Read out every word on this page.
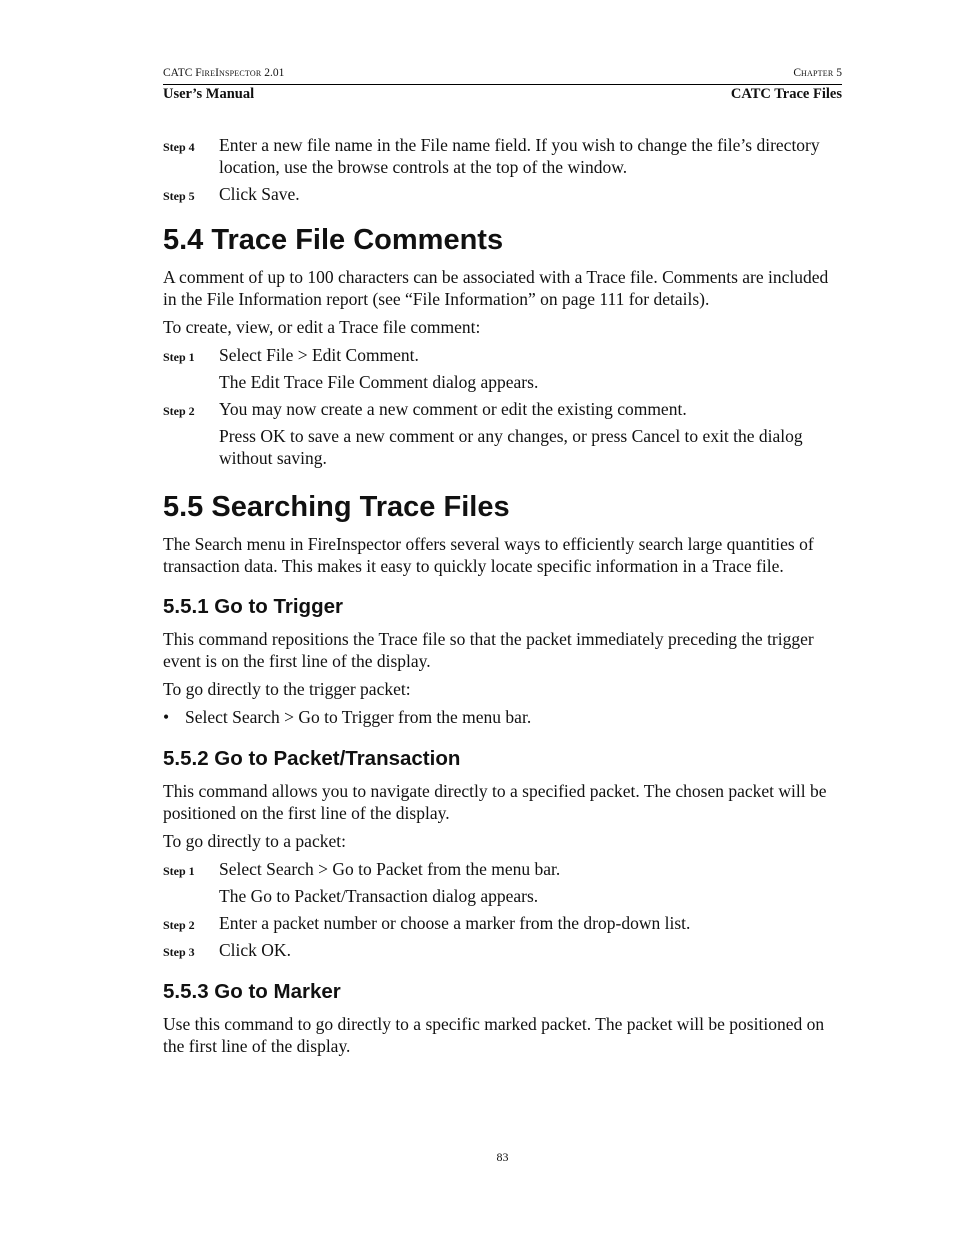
CATC FireInspector 2.01	Chapter 5
User’s Manual	CATC Trace Files
Step 4 Enter a new file name in the File name field. If you wish to change the file’s directory location, use the browse controls at the top of the window.
Step 5 Click Save.
5.4 Trace File Comments

A comment of up to 100 characters can be associated with a Trace file. Comments are included in the File Information report (see “File Information” on page 111 for details).

To create, view, or edit a Trace file comment:

Step 1 Select File > Edit Comment.
The Edit Trace File Comment dialog appears.
Step 2 You may now create a new comment or edit the existing comment.
Press OK to save a new comment or any changes, or press Cancel to exit the dialog without saving.
5.5 Searching Trace Files

The Search menu in FireInspector offers several ways to efficiently search large quantities of transaction data. This makes it easy to quickly locate specific information in a Trace file.

5.5.1 Go to Trigger

This command repositions the Trace file so that the packet immediately preceding the trigger event is on the first line of the display.

To go directly to the trigger packet:

• Select Search > Go to Trigger from the menu bar.
5.5.2 Go to Packet/Transaction

This command allows you to navigate directly to a specified packet. The chosen packet will be positioned on the first line of the display.

To go directly to a packet:

Step 1 Select Search > Go to Packet from the menu bar.
The Go to Packet/Transaction dialog appears.
Step 2 Enter a packet number or choose a marker from the drop-down list.
Step 3 Click OK.
5.5.3 Go to Marker

Use this command to go directly to a specific marked packet. The packet will be positioned on the first line of the display.

83
